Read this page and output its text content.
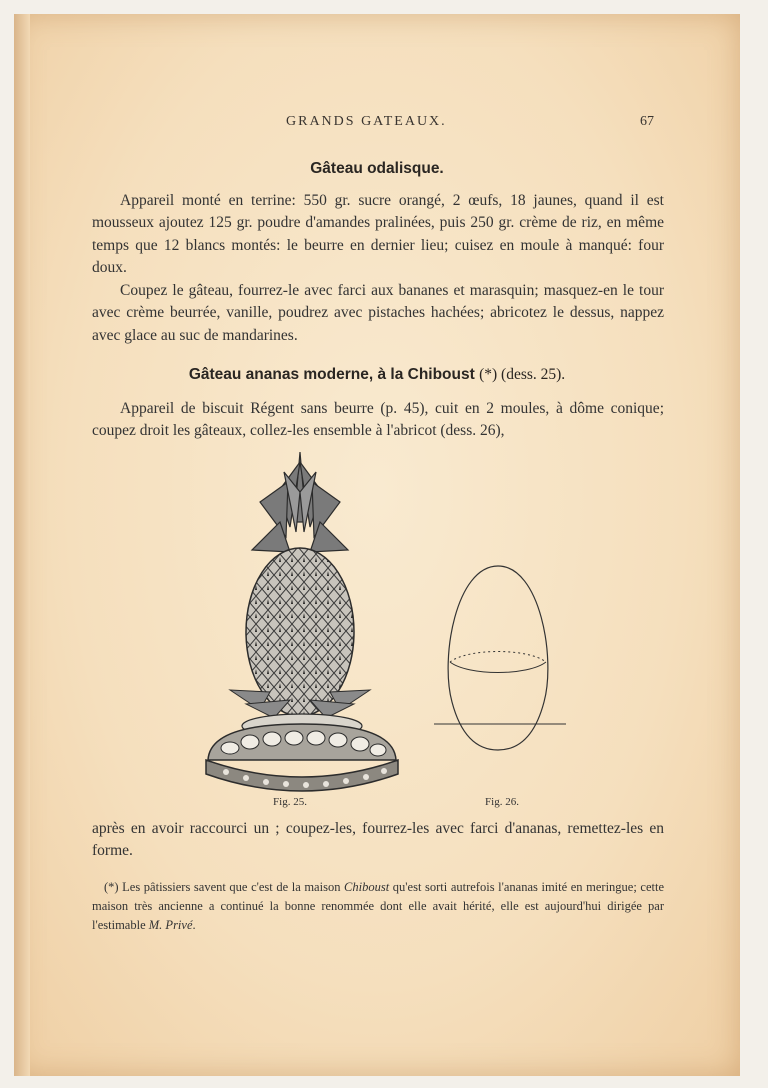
GRANDS GATEAUX.	67
Gâteau odalisque.

Appareil monté en terrine: 550 gr. sucre orangé, 2 œufs, 18 jaunes, quand il est mousseux ajoutez 125 gr. poudre d'amandes pralinées, puis 250 gr. crème de riz, en même temps que 12 blancs montés: le beurre en dernier lieu; cuisez en moule à manqué: four doux.

Coupez le gâteau, fourrez-le avec farci aux bananes et marasquin; masquez-en le tour avec crème beurrée, vanille, poudrez avec pistaches hachées; abricotez le dessus, nappez avec glace au suc de mandarines.

Gâteau ananas moderne, à la Chiboust (*) (dess. 25).

Appareil de biscuit Régent sans beurre (p. 45), cuit en 2 moules, à dôme conique; coupez droit les gâteaux, collez-les ensemble à l'abricot (dess. 26),

Fig. 25.	Fig. 26.

après en avoir raccourci un ; coupez-les, fourrez-les avec farci d'ananas, remettez-les en forme.

(*) Les pâtissiers savent que c'est de la maison Chiboust qu'est sorti autrefois l'ananas imité en meringue; cette maison très ancienne a continué la bonne renommée dont elle avait hérité, elle est aujourd'hui dirigée par l'estimable M. Privé.
